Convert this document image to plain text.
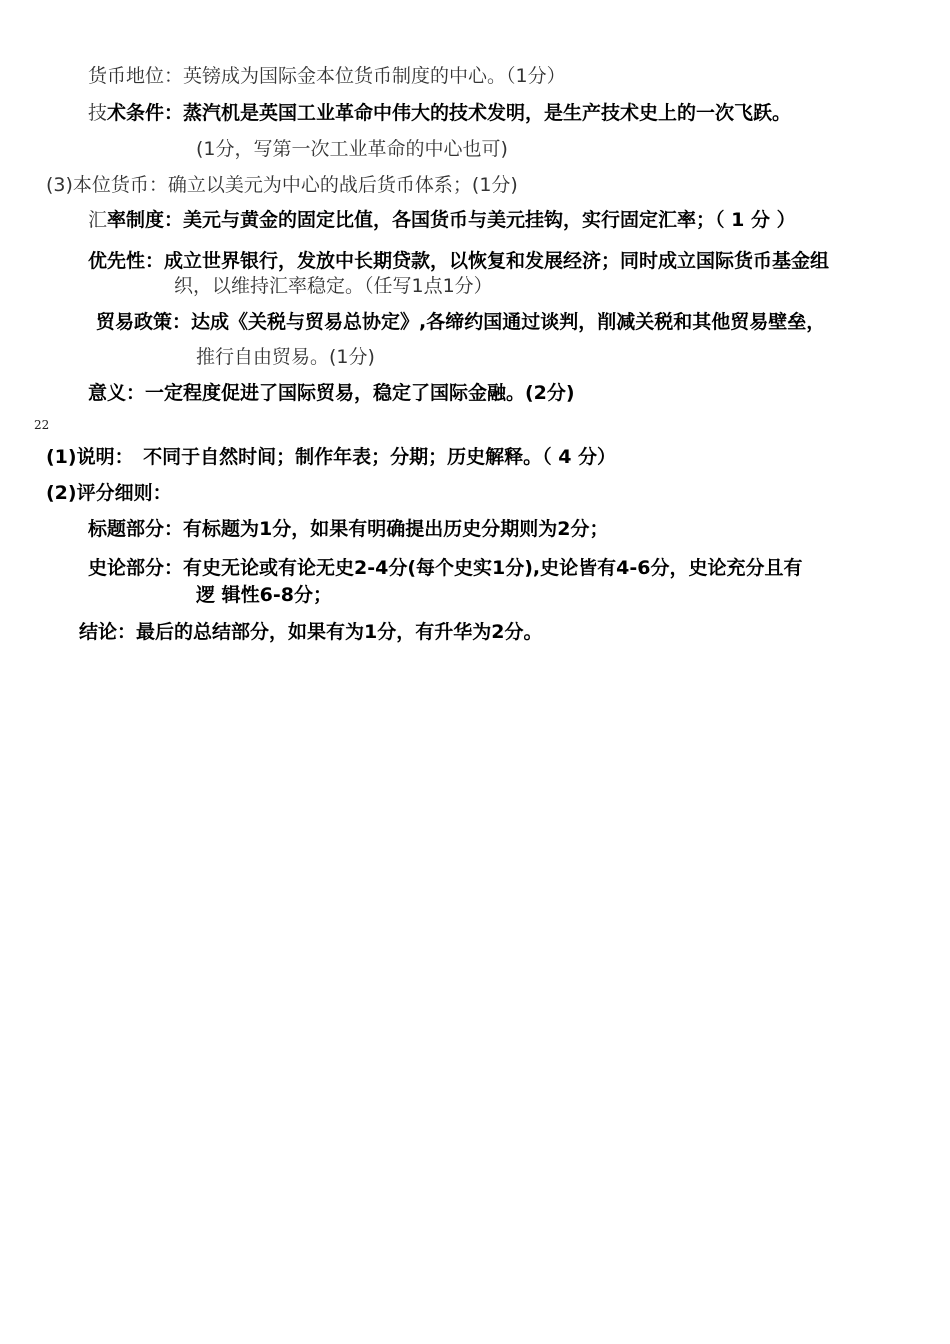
货币地位：英镑成为国际金本位货币制度的中心。（1分）
技术条件：蒸汽机是英国工业革命中伟大的技术发明，是生产技术史上的一次飞跃。
(1分，写第一次工业革命的中心也可)
(3)本位货币：确立以美元为中心的战后货币体系；(1分)
汇率制度：美元与黄金的固定比值，各国货币与美元挂钩，实行固定汇率；（ 1 分 ）
优先性：成立世界银行，发放中长期贷款，以恢复和发展经济；同时成立国际货币基金组
织，以维持汇率稳定。（任写1点1分）
贸易政策：达成《关税与贸易总协定》,各缔约国通过谈判，削减关税和其他贸易壁垒，
推行自由贸易。(1分)
意义：一定程度促进了国际贸易，稳定了国际金融。(2分)
22
(1)说明：　不同于自然时间；制作年表；分期；历史解释。（ 4 分）
(2)评分细则：
标题部分：有标题为1分，如果有明确提出历史分期则为2分；
史论部分：有史无论或有论无史2-4分(每个史实1分),史论皆有4-6分，史论充分且有
逻 辑性6-8分；
结论：最后的总结部分，如果有为1分，有升华为2分。
